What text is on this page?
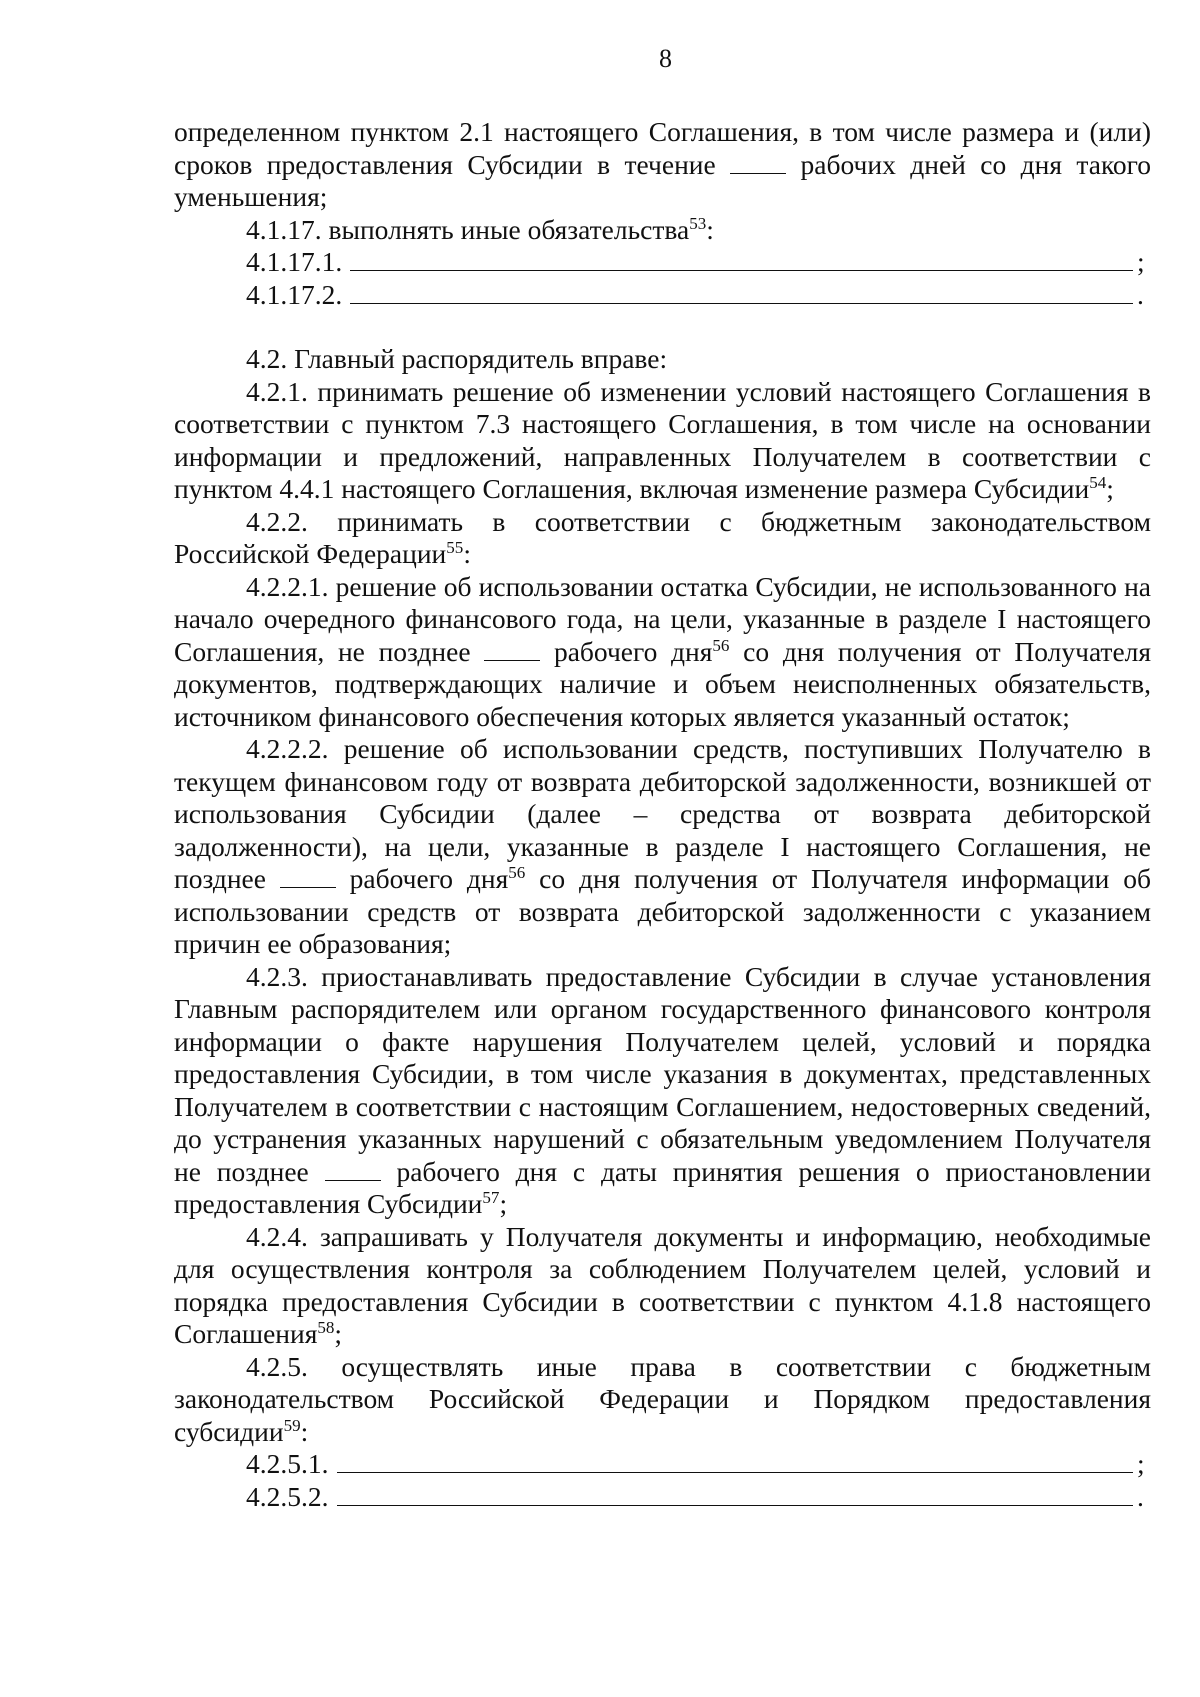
8

определенном пунктом 2.1 настоящего Соглашения, в том числе размера и (или) сроков предоставления Субсидии в течение	рабочих дней со дня такого уменьшения;

4.1.17. выполнять иные обязательства$^{53}$:

4.1.17.1.	;
4.1.17.2.	.

4.2. Главный распорядитель вправе:

4.2.1. принимать решение об изменении условий настоящего Соглашения в соответствии с пунктом 7.3 настоящего Соглашения, в том числе на основании информации и предложений, направленных Получателем в соответствии с пунктом 4.4.1 настоящего Соглашения, включая изменение размера Субсидии$^{54}$;

4.2.2. принимать в соответствии с бюджетным законодательством Российской Федерации$^{55}$:

4.2.2.1. решение об использовании остатка Субсидии, не использованного на начало очередного финансового года, на цели, указанные в разделе I настоящего Соглашения, не позднее	рабочего дня$^{56}$ со дня получения от Получателя документов, подтверждающих наличие и объем неисполненных обязательств, источником финансового обеспечения которых является указанный остаток;

4.2.2.2. решение об использовании средств, поступивших Получателю в текущем финансовом году от возврата дебиторской задолженности, возникшей от использования Субсидии (далее – средства от возврата дебиторской задолженности), на цели, указанные в разделе I настоящего Соглашения, не позднее	рабочего дня$^{56}$ со дня получения от Получателя информации об использовании средств от возврата дебиторской задолженности с указанием причин ее образования;

4.2.3. приостанавливать предоставление Субсидии в случае установления Главным распорядителем или органом государственного финансового контроля информации о факте нарушения Получателем целей, условий и порядка предоставления Субсидии, в том числе указания в документах, представленных Получателем в соответствии с настоящим Соглашением, недостоверных сведений, до устранения указанных нарушений с обязательным уведомлением Получателя не позднее	рабочего дня с даты принятия решения о приостановлении предоставления Субсидии$^{57}$;

4.2.4. запрашивать у Получателя документы и информацию, необходимые для осуществления контроля за соблюдением Получателем целей, условий и порядка предоставления Субсидии в соответствии с пунктом 4.1.8 настоящего Соглашения$^{58}$;

4.2.5. осуществлять иные права в соответствии с бюджетным законодательством Российской Федерации и Порядком предоставления субсидии$^{59}$:

4.2.5.1.	;
4.2.5.2.	.
